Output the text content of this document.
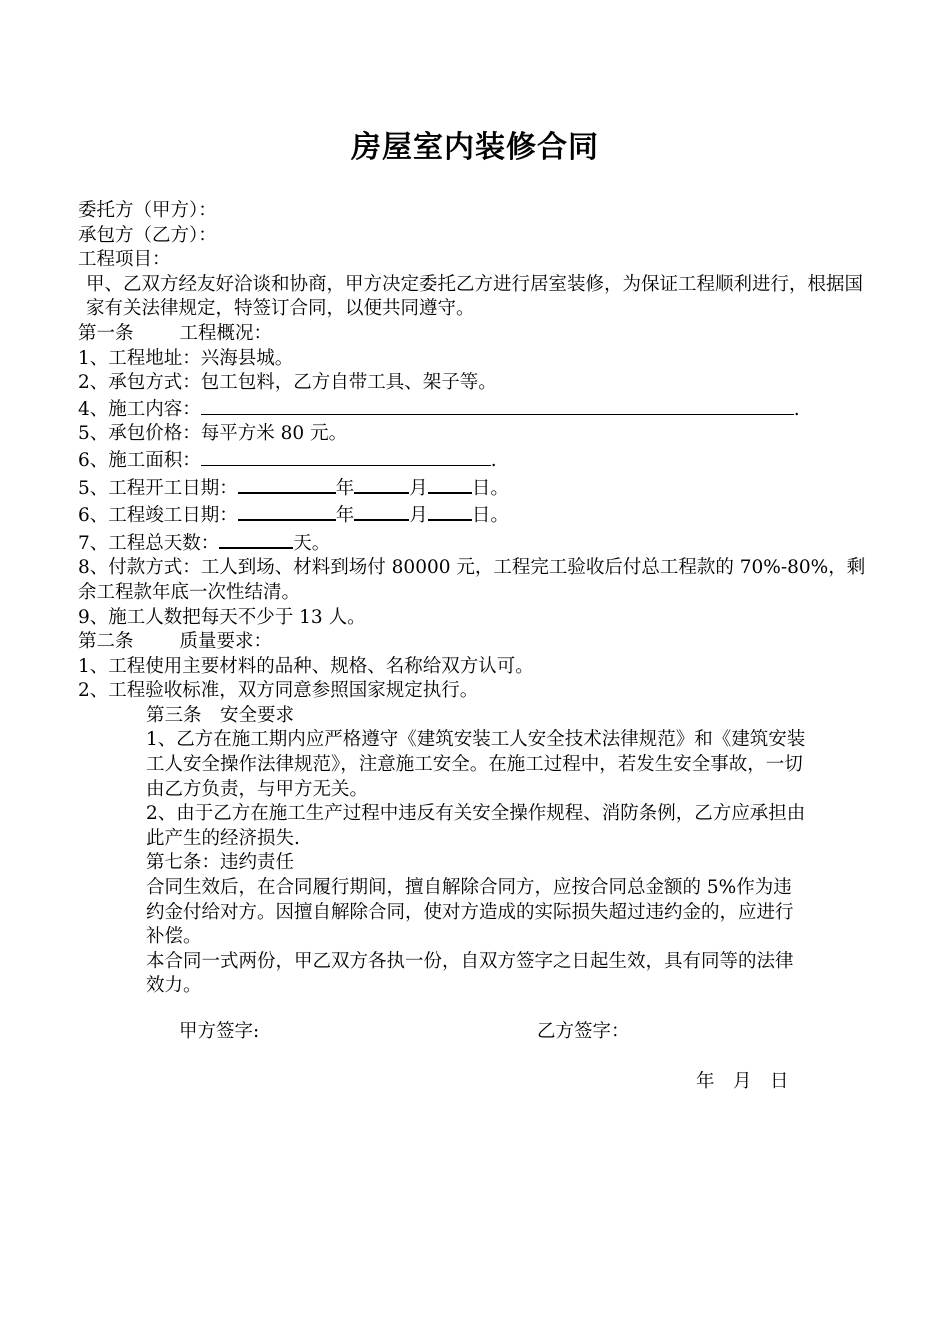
房屋室内装修合同
委托方（甲方）：
承包方（乙方）：
工程项目：
甲、乙双方经友好洽谈和协商，甲方决定委托乙方进行居室装修，为保证工程顺利进行，根据国家有关法律规定，特签订合同，以便共同遵守。
第一条 工程概况：
1、工程地址：兴海县城。
2、承包方式：包工包料，乙方自带工具、架子等。
4、施工内容：	.
5、承包价格：每平方米 80 元。
6、施工面积：	.
5、工程开工日期：	年	月 日。
6、工程竣工日期：	年	月 日。
7、工程总天数：	天。
8、付款方式：工人到场、材料到场付 80000 元，工程完工验收后付总工程款的 70%-80%，剩余工程款年底一次性结清。
9、施工人数把每天不少于 13 人。
第二条 质量要求：
1、工程使用主要材料的品种、规格、名称给双方认可。
2、工程验收标准，双方同意参照国家规定执行。
第三条　安全要求
1、乙方在施工期内应严格遵守《建筑安装工人安全技术法律规范》和《建筑安装工人安全操作法律规范》，注意施工安全。在施工过程中，若发生安全事故，一切由乙方负责，与甲方无关。
2、由于乙方在施工生产过程中违反有关安全操作规程、消防条例，乙方应承担由此产生的经济损失.
第七条：违约责任
合同生效后，在合同履行期间，擅自解除合同方，应按合同总金额的 5%作为违约金付给对方。因擅自解除合同，使对方造成的实际损失超过违约金的，应进行补偿。
本合同一式两份，甲乙双方各执一份，自双方签字之日起生效，具有同等的法律效力。
甲方签字:	乙方签字：
年　月　日
